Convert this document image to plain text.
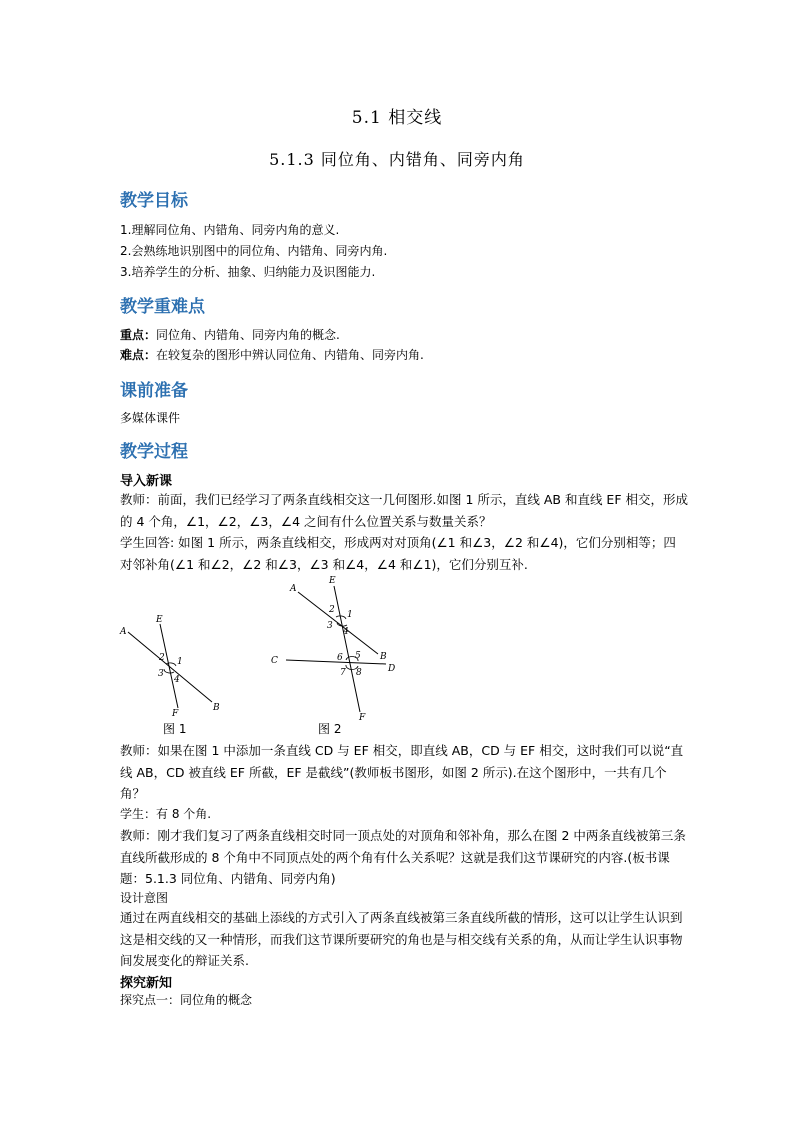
5.1 相交线
5.1.3 同位角、内错角、同旁内角
教学目标
1.理解同位角、内错角、同旁内角的意义.
2.会熟练地识别图中的同位角、内错角、同旁内角.
3.培养学生的分析、抽象、归纳能力及识图能力.
教学重难点
重点：同位角、内错角、同旁内角的概念.
难点：在较复杂的图形中辨认同位角、内错角、同旁内角.
课前准备
多媒体课件
教学过程
导入新课
教师：前面，我们已经学习了两条直线相交这一几何图形.如图 1 所示，直线 AB 和直线 EF 相交，形成的 4 个角，∠1，∠2，∠3，∠4 之间有什么位置关系与数量关系？
学生回答: 如图 1 所示，两条直线相交，形成两对对顶角(∠1 和∠3，∠2 和∠4)，它们分别相等；四对邻补角(∠1 和∠2，∠2 和∠3，∠3 和∠4，∠4 和∠1)，它们分别互补.
A
E
B
F
1
2
3
4
图 1
A
E
B
C
D
F
1
2
3
4
5
6
7 8
图 2
教师：如果在图 1 中添加一条直线 CD 与 EF 相交，即直线 AB，CD 与 EF 相交，这时我们可以说“直线 AB，CD 被直线 EF 所截，EF 是截线”(教师板书图形，如图 2 所示).在这个图形中，一共有几个角？
学生：有 8 个角.
教师：刚才我们复习了两条直线相交时同一顶点处的对顶角和邻补角，那么在图 2 中两条直线被第三条直线所截形成的 8 个角中不同顶点处的两个角有什么关系呢？这就是我们这节课研究的内容.(板书课题：5.1.3 同位角、内错角、同旁内角)
设计意图
通过在两直线相交的基础上添线的方式引入了两条直线被第三条直线所截的情形，这可以让学生认识到这是相交线的又一种情形，而我们这节课所要研究的角也是与相交线有关系的角，从而让学生认识事物间发展变化的辩证关系.
探究新知
探究点一：同位角的概念
